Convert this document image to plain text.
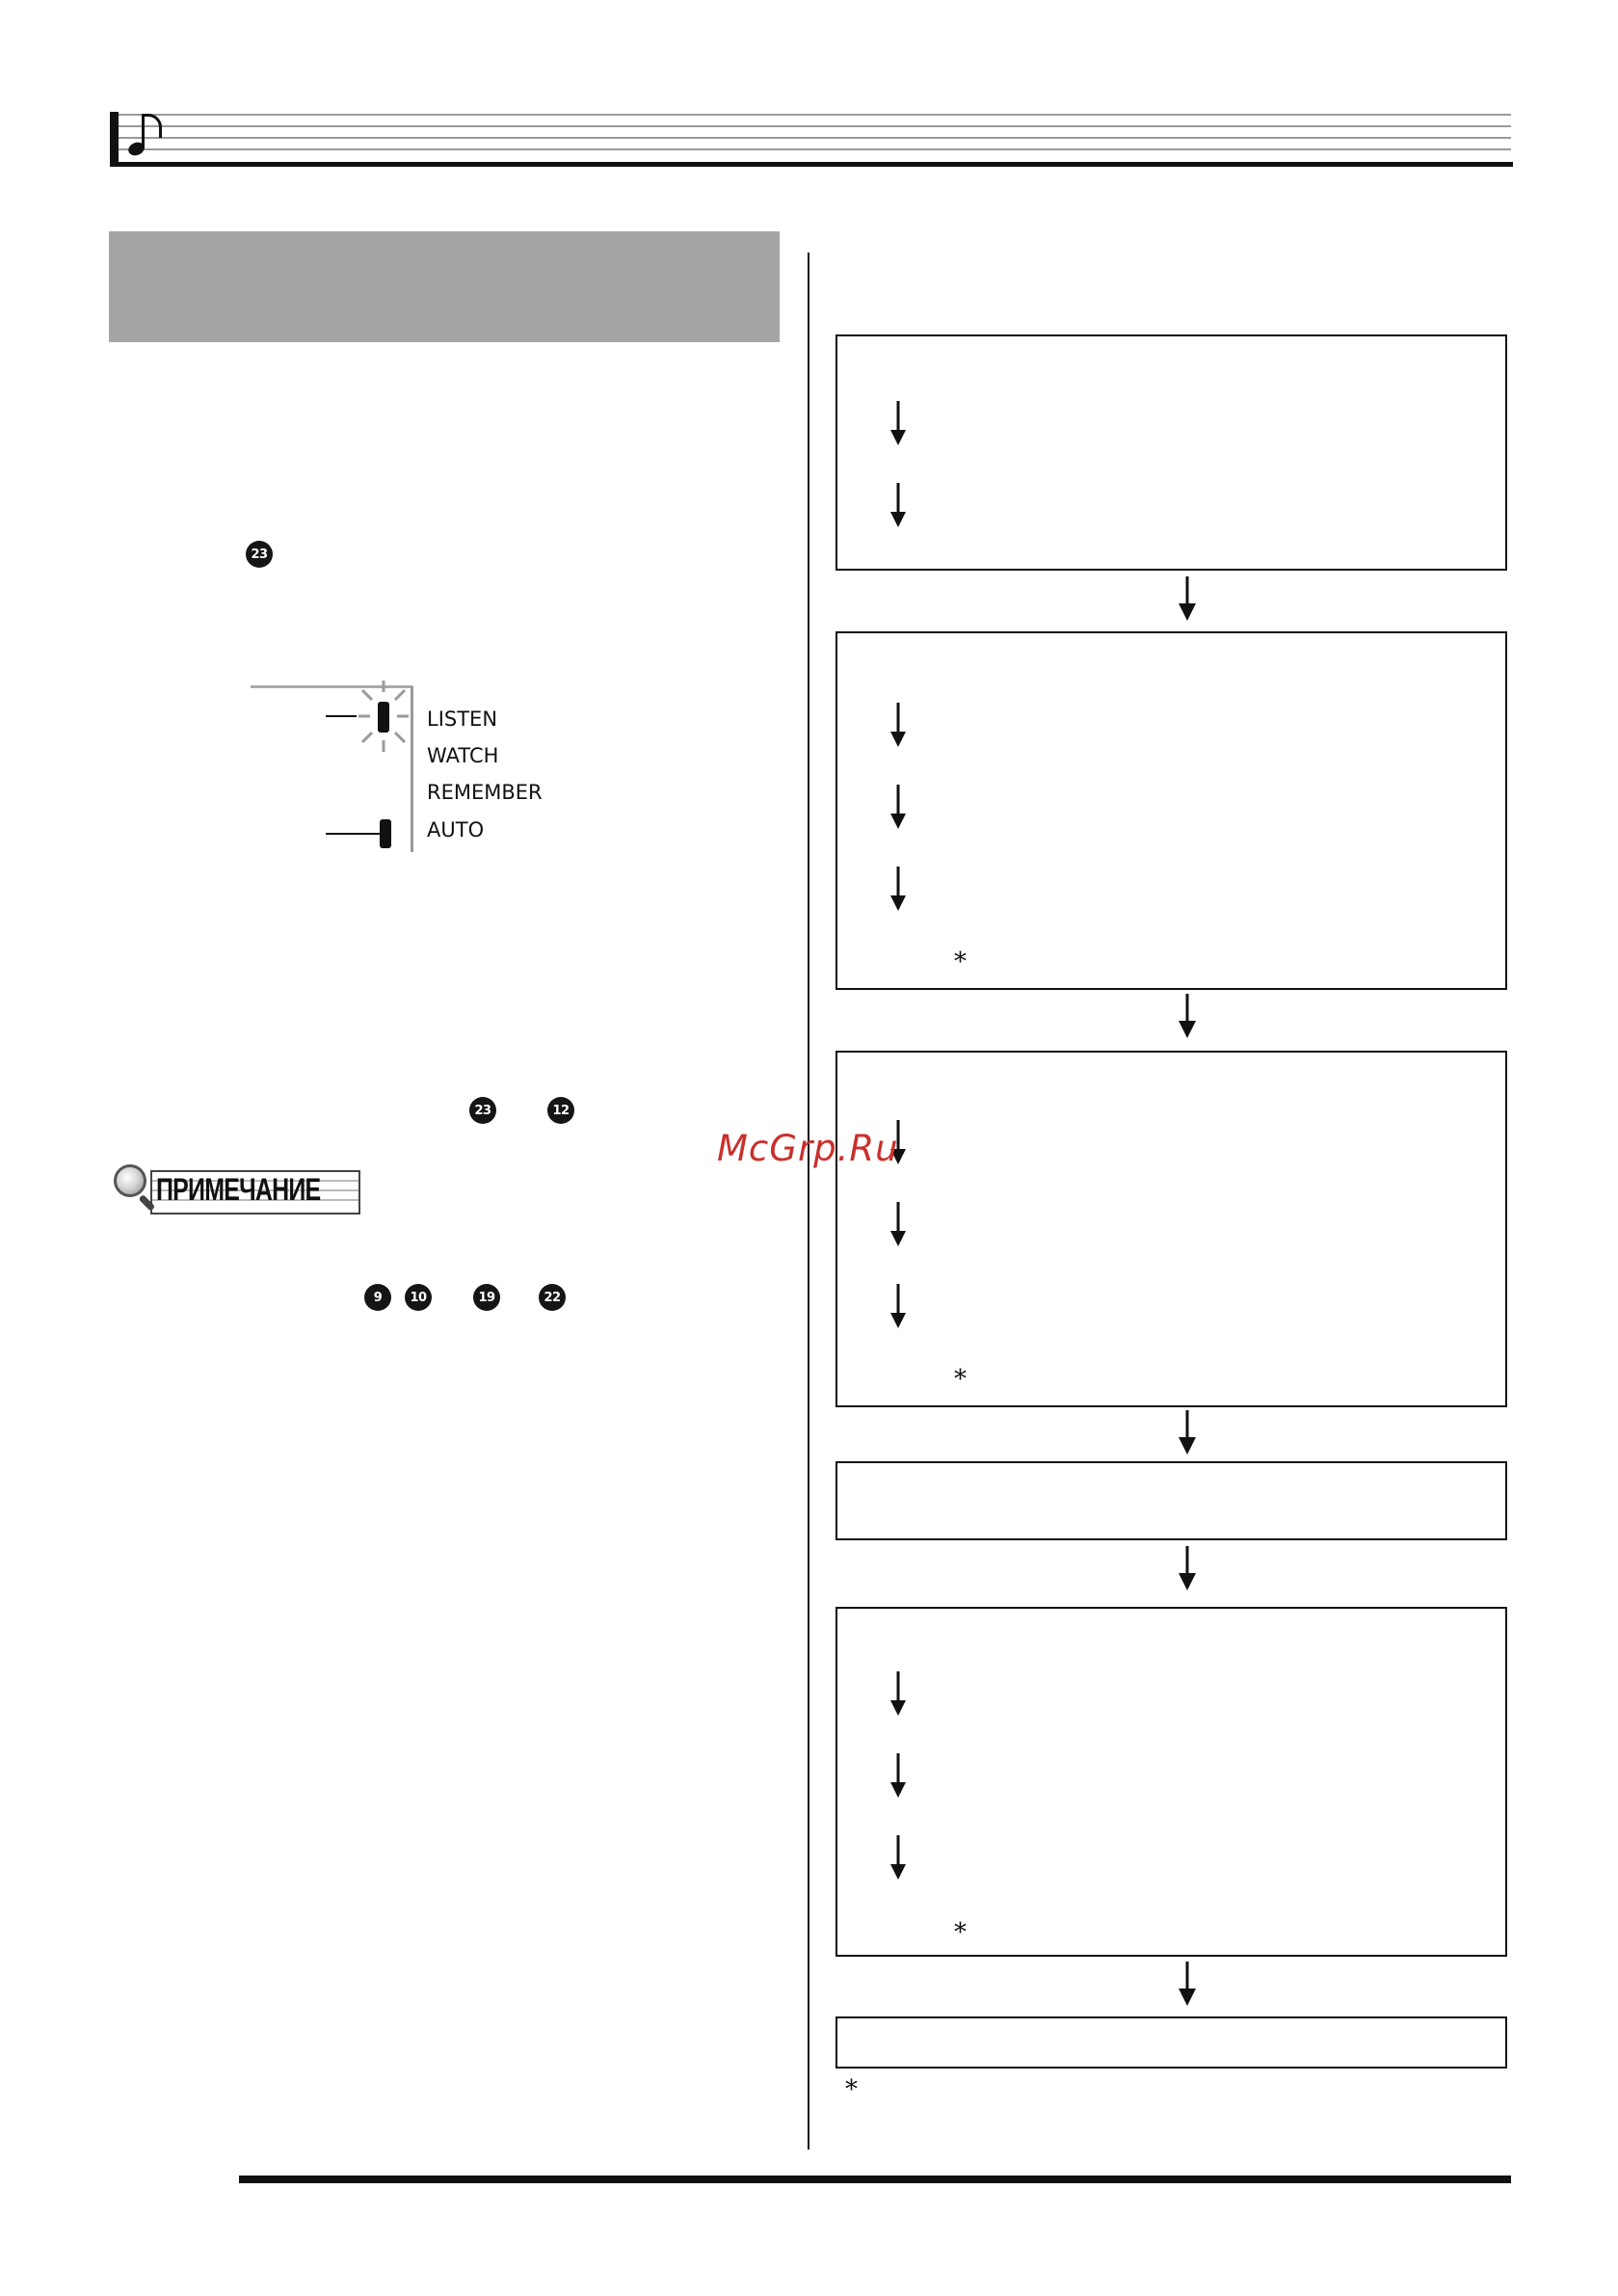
23
LISTEN
WATCH
REMEMBER
AUTO
23	12
ПРИМЕЧАНИЕ
9	10	19	22
*
*
*
*
McGrp.Ru
